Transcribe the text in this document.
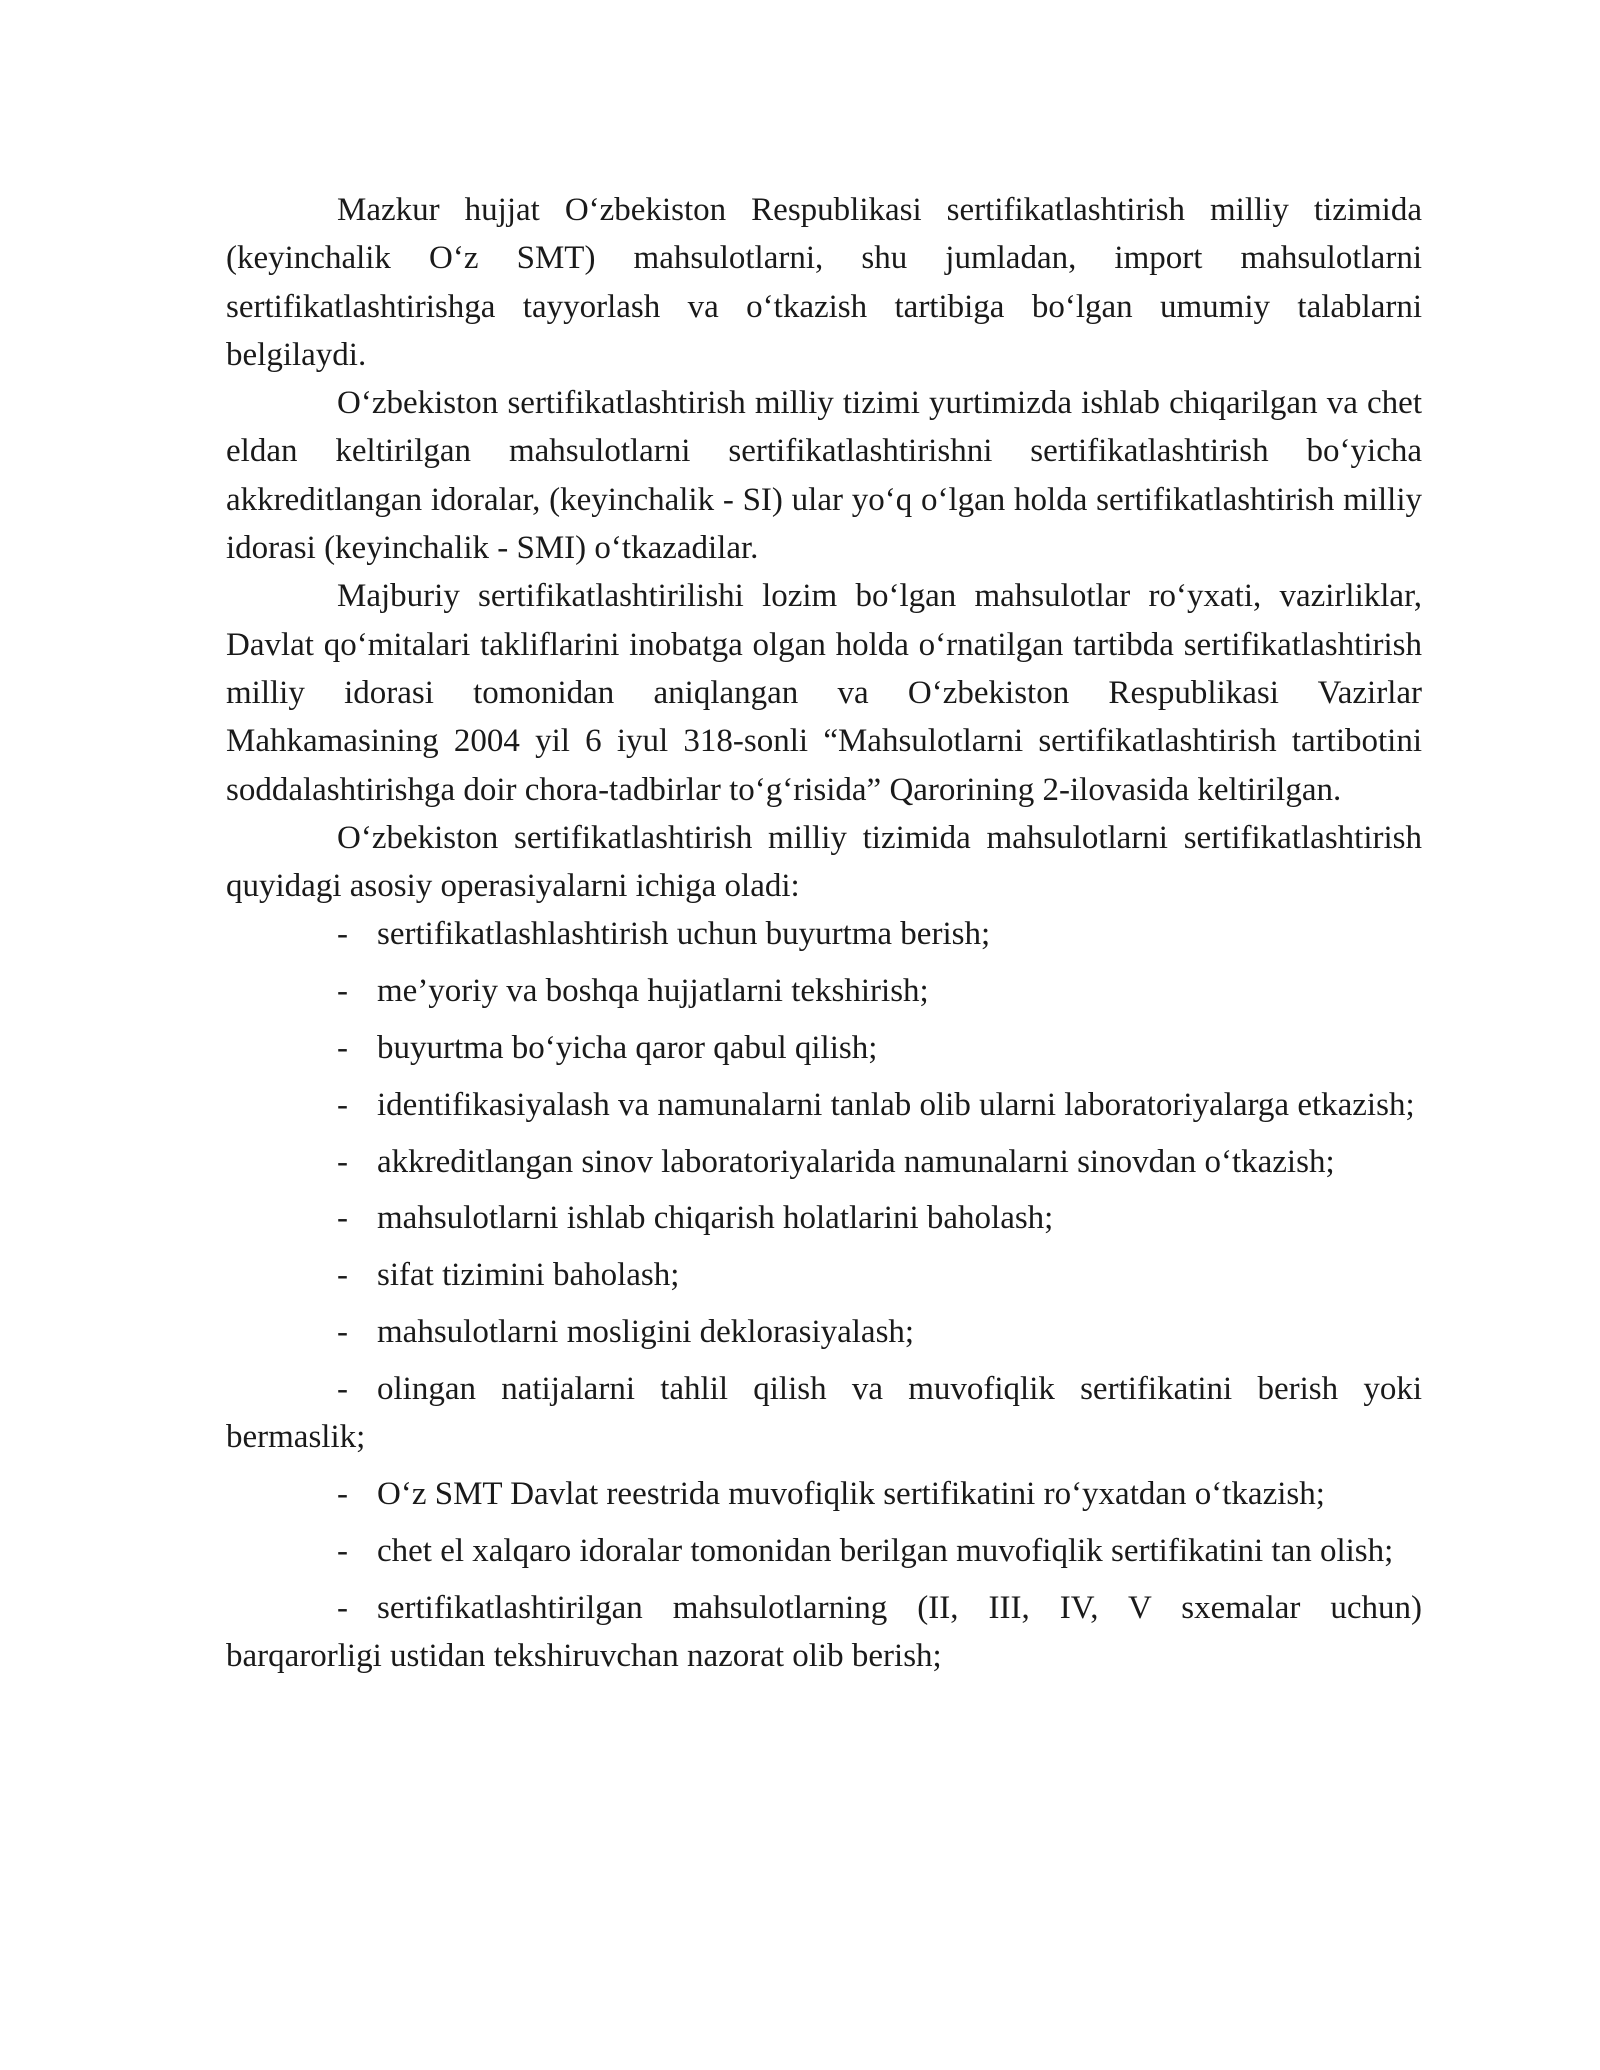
Mazkur hujjat O‘zbekiston Respublikasi sertifikatlashtirish milliy tizimida (keyinchalik O‘z SMT) mahsulotlarni, shu jumladan, import mahsulotlarni sertifikatlashtirishga tayyorlash va o‘tkazish tartibiga bo‘lgan umumiy talablarni belgilaydi.

O‘zbekiston sertifikatlashtirish milliy tizimi yurtimizda ishlab chiqarilgan va chet eldan keltirilgan mahsulotlarni sertifikatlashtirishni sertifikatlashtirish bo‘yicha akkreditlangan idoralar, (keyinchalik - SI) ular yo‘q o‘lgan holda sertifikatlashtirish milliy idorasi (keyinchalik - SMI) o‘tkazadilar.

Majburiy sertifikatlashtirilishi lozim bo‘lgan mahsulotlar ro‘yxati, vazirliklar, Davlat qo‘mitalari takliflarini inobatga olgan holda o‘rnatilgan tartibda sertifikatlashtirish milliy idorasi tomonidan aniqlangan va O‘zbekiston Respublikasi Vazirlar Mahkamasining 2004 yil 6 iyul 318-sonli “Mahsulotlarni sertifikatlashtirish tartibotini soddalashtirishga doir chora-tadbirlar to‘g‘risida” Qarorining 2-ilovasida keltirilgan.

O‘zbekiston sertifikatlashtirish milliy tizimida mahsulotlarni sertifikatlashtirish quyidagi asosiy operasiyalarni ichiga oladi:

- sertifikatlashlashtirish uchun buyurtma berish;
- me’yoriy va boshqa hujjatlarni tekshirish;
- buyurtma bo‘yicha qaror qabul qilish;
- identifikasiyalash va namunalarni tanlab olib ularni laboratoriyalarga etkazish;
- akkreditlangan sinov laboratoriyalarida namunalarni sinovdan o‘tkazish;
- mahsulotlarni ishlab chiqarish holatlarini baholash;
- sifat tizimini baholash;
- mahsulotlarni mosligini deklorasiyalash;
- olingan natijalarni tahlil qilish va muvofiqlik sertifikatini berish yoki bermaslik;
- O‘z SMT Davlat reestrida muvofiqlik sertifikatini ro‘yxatdan o‘tkazish;
- chet el xalqaro idoralar tomonidan berilgan muvofiqlik sertifikatini tan olish;
- sertifikatlashtirilgan mahsulotlarning (II, III, IV, V sxemalar uchun) barqarorligi ustidan tekshiruvchan nazorat olib berish;
